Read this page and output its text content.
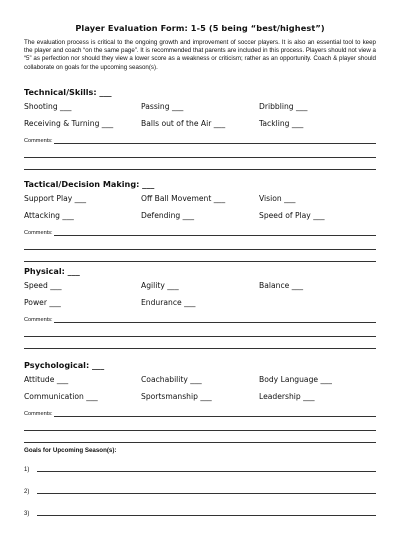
Player Evaluation Form: 1-5 (5 being “best/highest”)
The evaluation process is critical to the ongoing growth and improvement of soccer players. It is also an essential tool to keep the player and coach “on the same page”. It is recommended that parents are included in this process. Players should not view a “5” as perfection nor should they view a lower score as a weakness or criticism; rather as an opportunity. Coach & player should collaborate on goals for the upcoming season(s).
Technical/Skills: ___
Shooting ___	Passing ___	Dribbling ___
Receiving & Turning ___	Balls out of the Air ___	Tackling ___
Comments:
Tactical/Decision Making: ___
Support Play ___	Off Ball Movement ___	Vision ___
Attacking ___	Defending ___	Speed of Play ___
Comments:
Physical: ___
Speed ___	Agility ___	Balance ___
Power ___	Endurance ___
Comments:
Psychological: ___
Attitude ___	Coachability ___	Body Language ___
Communication ___	Sportsmanship ___	Leadership ___
Comments:
Goals for Upcoming Season(s):
1)
2)
3)
